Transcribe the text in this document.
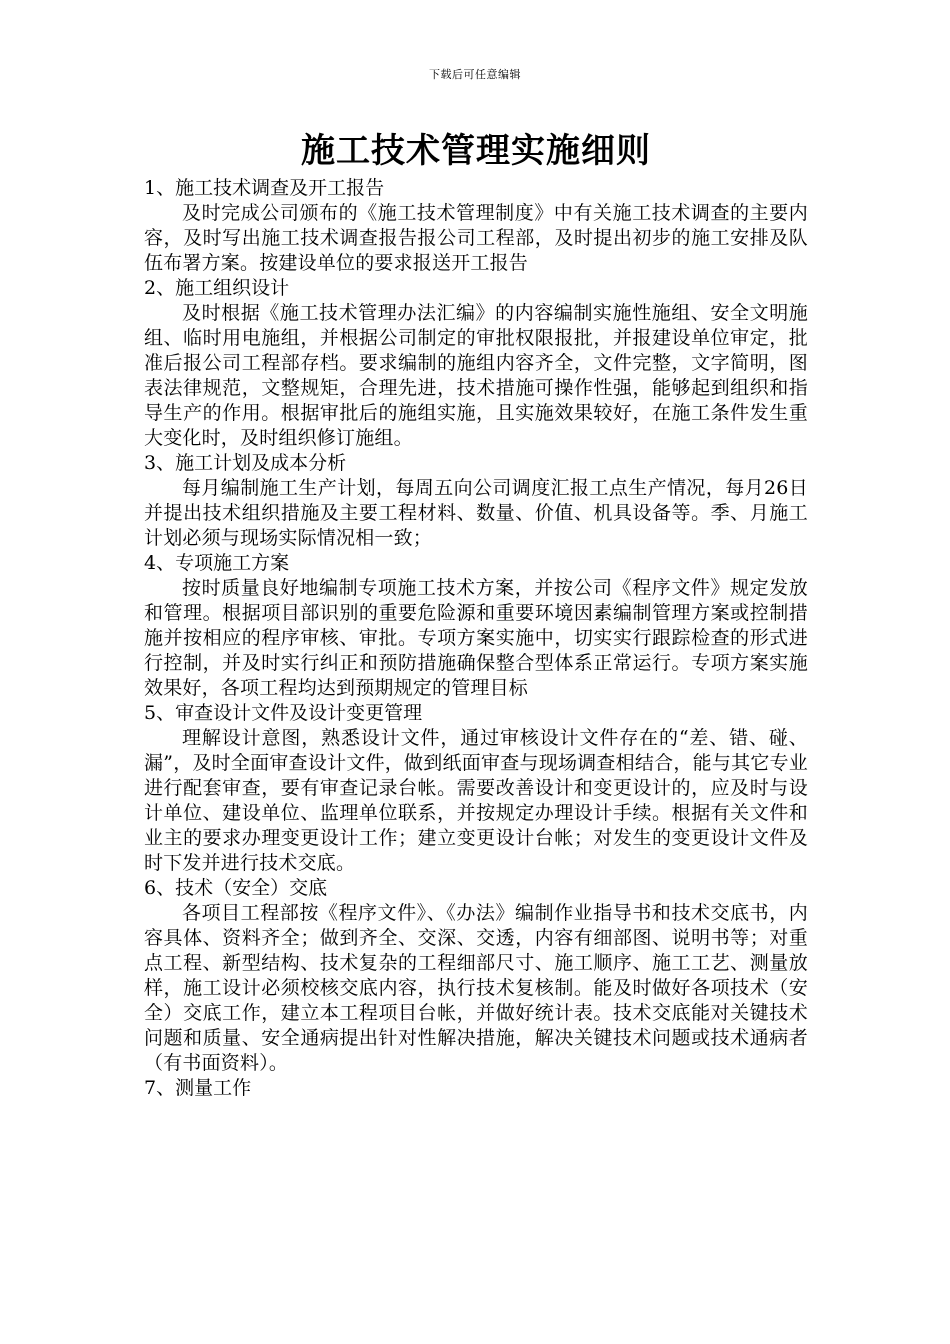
下载后可任意编辑
施工技术管理实施细则

1、施工技术调查及开工报告

及时完成公司颁布的《施工技术管理制度》中有关施工技术调查的主要内容，及时写出施工技术调查报告报公司工程部，及时提出初步的施工安排及队伍布署方案。按建设单位的要求报送开工报告

2、施工组织设计

及时根据《施工技术管理办法汇编》的内容编制实施性施组、安全文明施组、临时用电施组，并根据公司制定的审批权限报批，并报建设单位审定，批准后报公司工程部存档。要求编制的施组内容齐全，文件完整，文字简明，图表法律规范，文整规矩，合理先进，技术措施可操作性强，能够起到组织和指导生产的作用。根据审批后的施组实施，且实施效果较好，在施工条件发生重大变化时，及时组织修订施组。

3、施工计划及成本分析

每月编制施工生产计划，每周五向公司调度汇报工点生产情况，每月26日并提出技术组织措施及主要工程材料、数量、价值、机具设备等。季、月施工计划必须与现场实际情况相一致；

4、专项施工方案

按时质量良好地编制专项施工技术方案，并按公司《程序文件》规定发放和管理。根据项目部识别的重要危险源和重要环境因素编制管理方案或控制措施并按相应的程序审核、审批。专项方案实施中，切实实行跟踪检查的形式进行控制，并及时实行纠正和预防措施确保整合型体系正常运行。专项方案实施效果好，各项工程均达到预期规定的管理目标

5、审查设计文件及设计变更管理

理解设计意图，熟悉设计文件，通过审核设计文件存在的“差、错、碰、漏”，及时全面审查设计文件，做到纸面审查与现场调查相结合，能与其它专业进行配套审查，要有审查记录台帐。需要改善设计和变更设计的，应及时与设计单位、建设单位、监理单位联系，并按规定办理设计手续。根据有关文件和业主的要求办理变更设计工作；建立变更设计台帐；对发生的变更设计文件及时下发并进行技术交底。

6、技术（安全）交底

各项目工程部按《程序文件》、《办法》编制作业指导书和技术交底书，内容具体、资料齐全；做到齐全、交深、交透，内容有细部图、说明书等；对重点工程、新型结构、技术复杂的工程细部尺寸、施工顺序、施工工艺、测量放样，施工设计必须校核交底内容，执行技术复核制。能及时做好各项技术（安全）交底工作，建立本工程项目台帐，并做好统计表。技术交底能对关键技术问题和质量、安全通病提出针对性解决措施，解决关键技术问题或技术通病者（有书面资料）。

7、测量工作
